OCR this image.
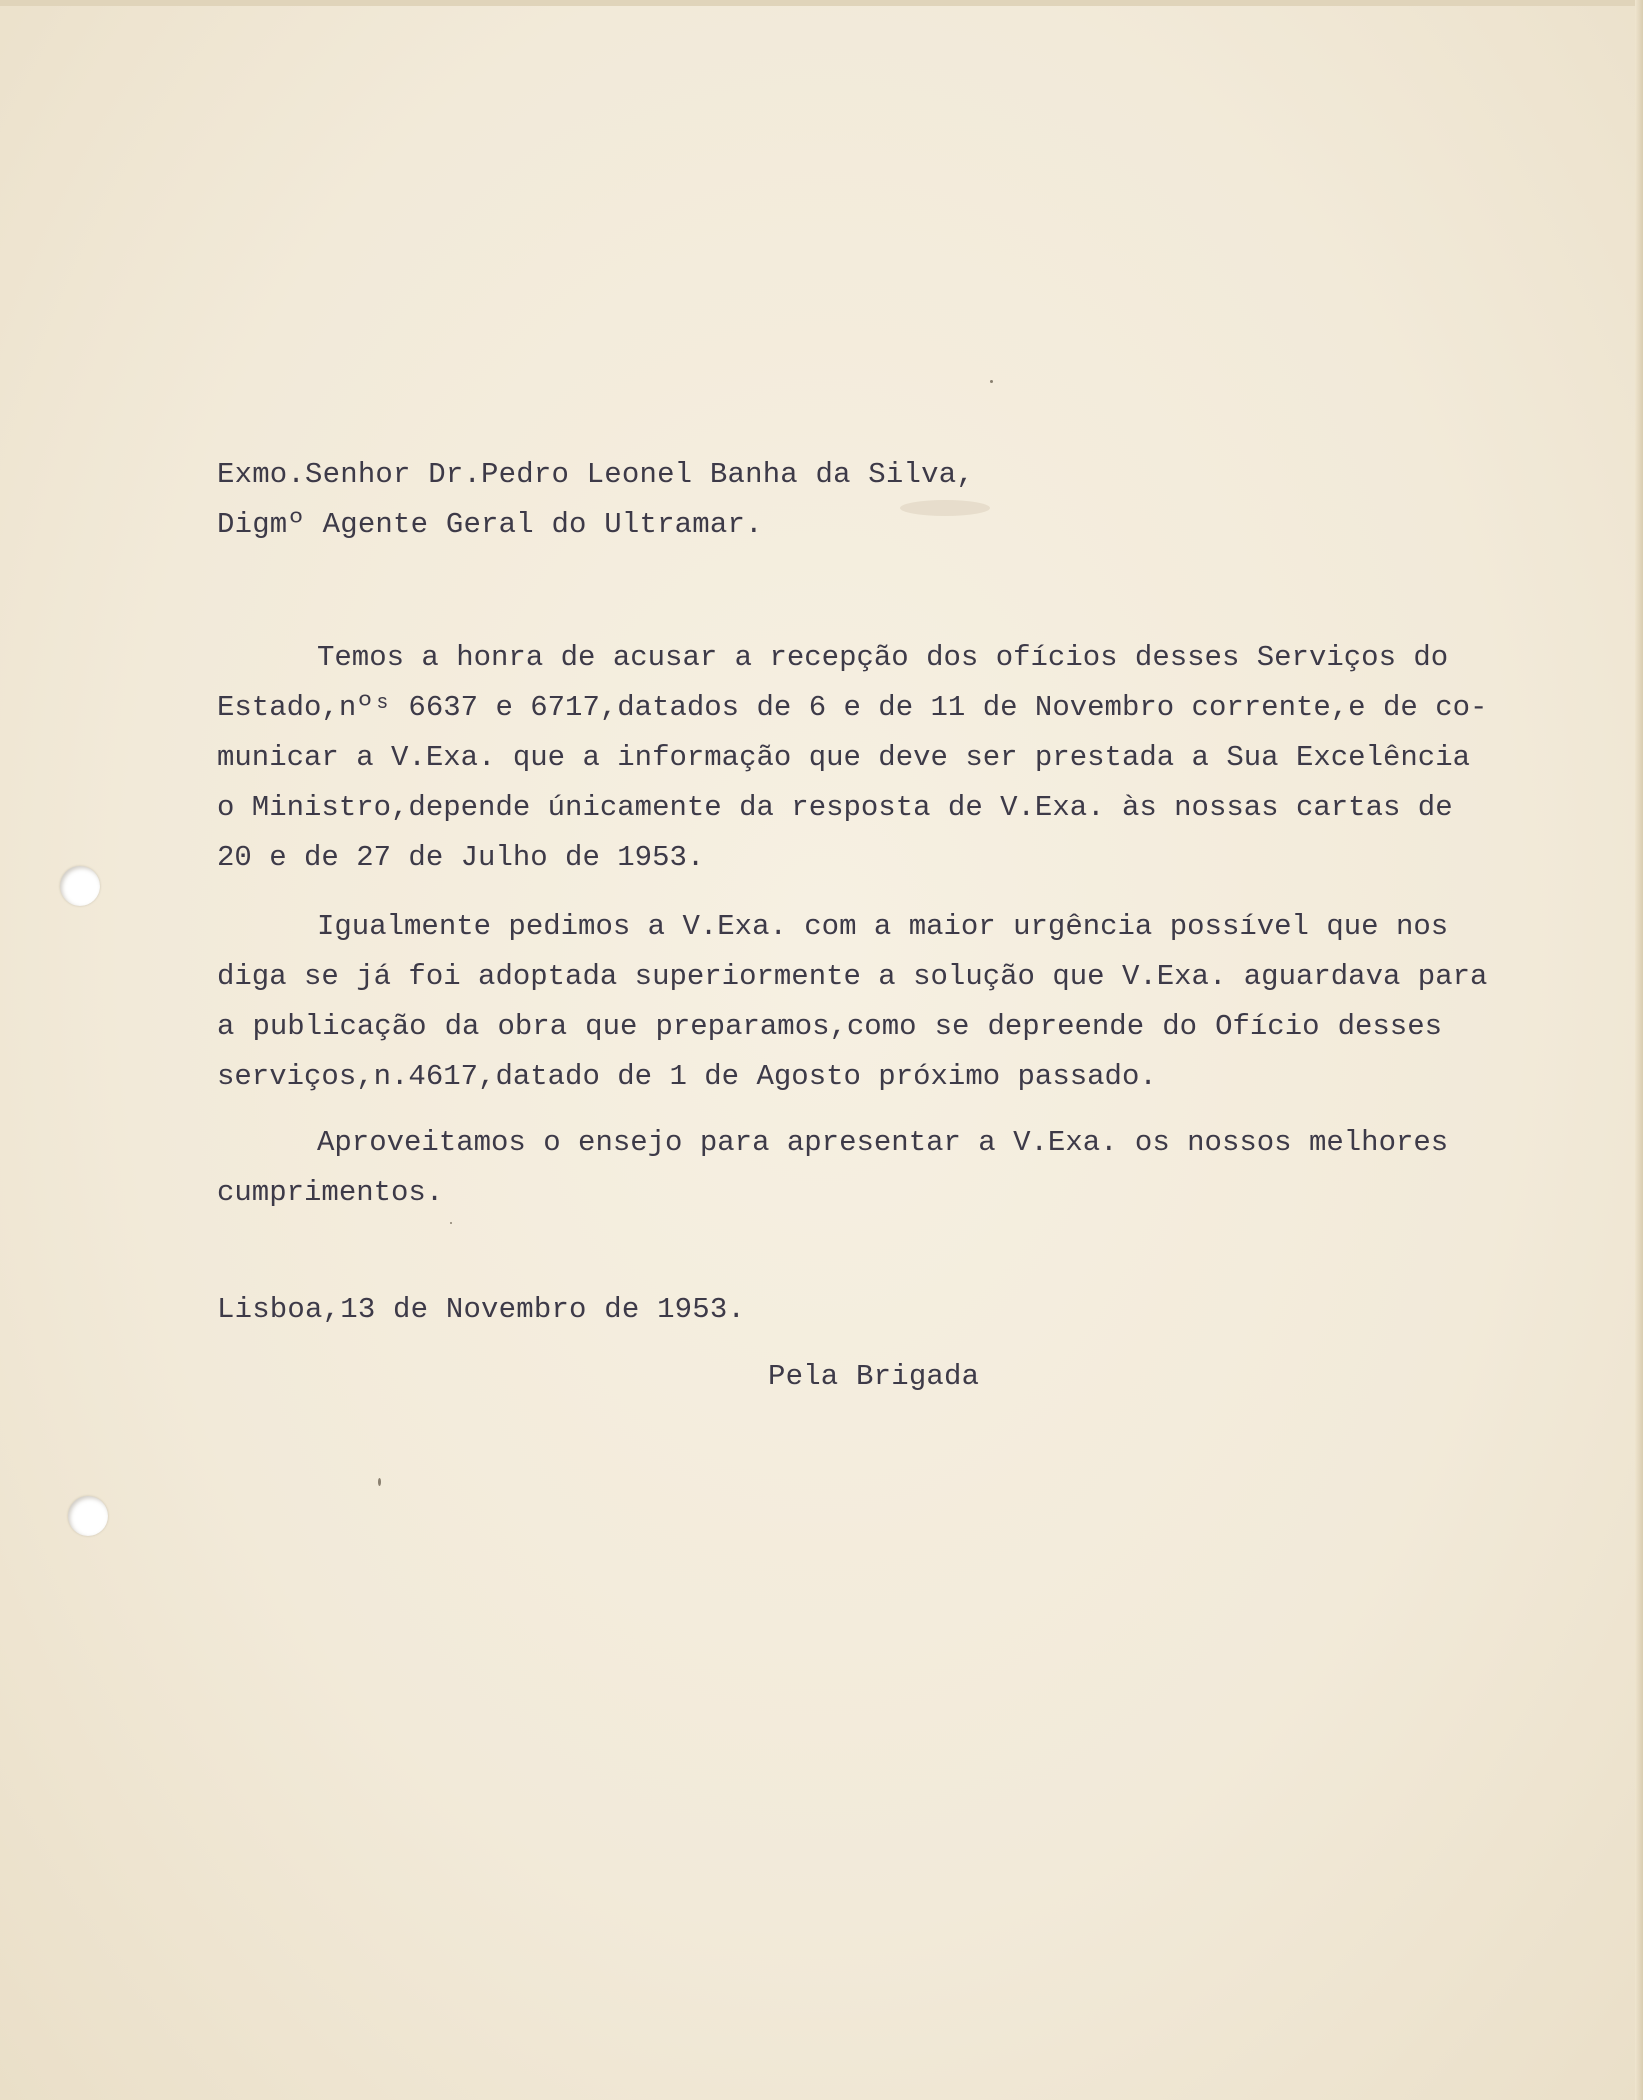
Exmo.Senhor Dr.Pedro Leonel Banha da Silva,
Digmº Agente Geral do Ultramar.
Temos a honra de acusar a recepção dos ofícios desses Serviços do
Estado,nºˢ 6637 e 6717,datados de 6 e de 11 de Novembro corrente,e de co-
municar a V.Exa. que a informação que deve ser prestada a Sua Excelência
o Ministro,depende únicamente da resposta de V.Exa. às nossas cartas de
20 e de 27 de Julho de 1953.
Igualmente pedimos a V.Exa. com a maior urgência possível que nos
diga se já foi adoptada superiormente a solução que V.Exa. aguardava para
a publicação da obra que preparamos,como se depreende do Ofício desses
serviços,n.4617,datado de 1 de Agosto próximo passado.
Aproveitamos o ensejo para apresentar a V.Exa. os nossos melhores
cumprimentos.
Lisboa,13 de Novembro de 1953.
Pela Brigada
